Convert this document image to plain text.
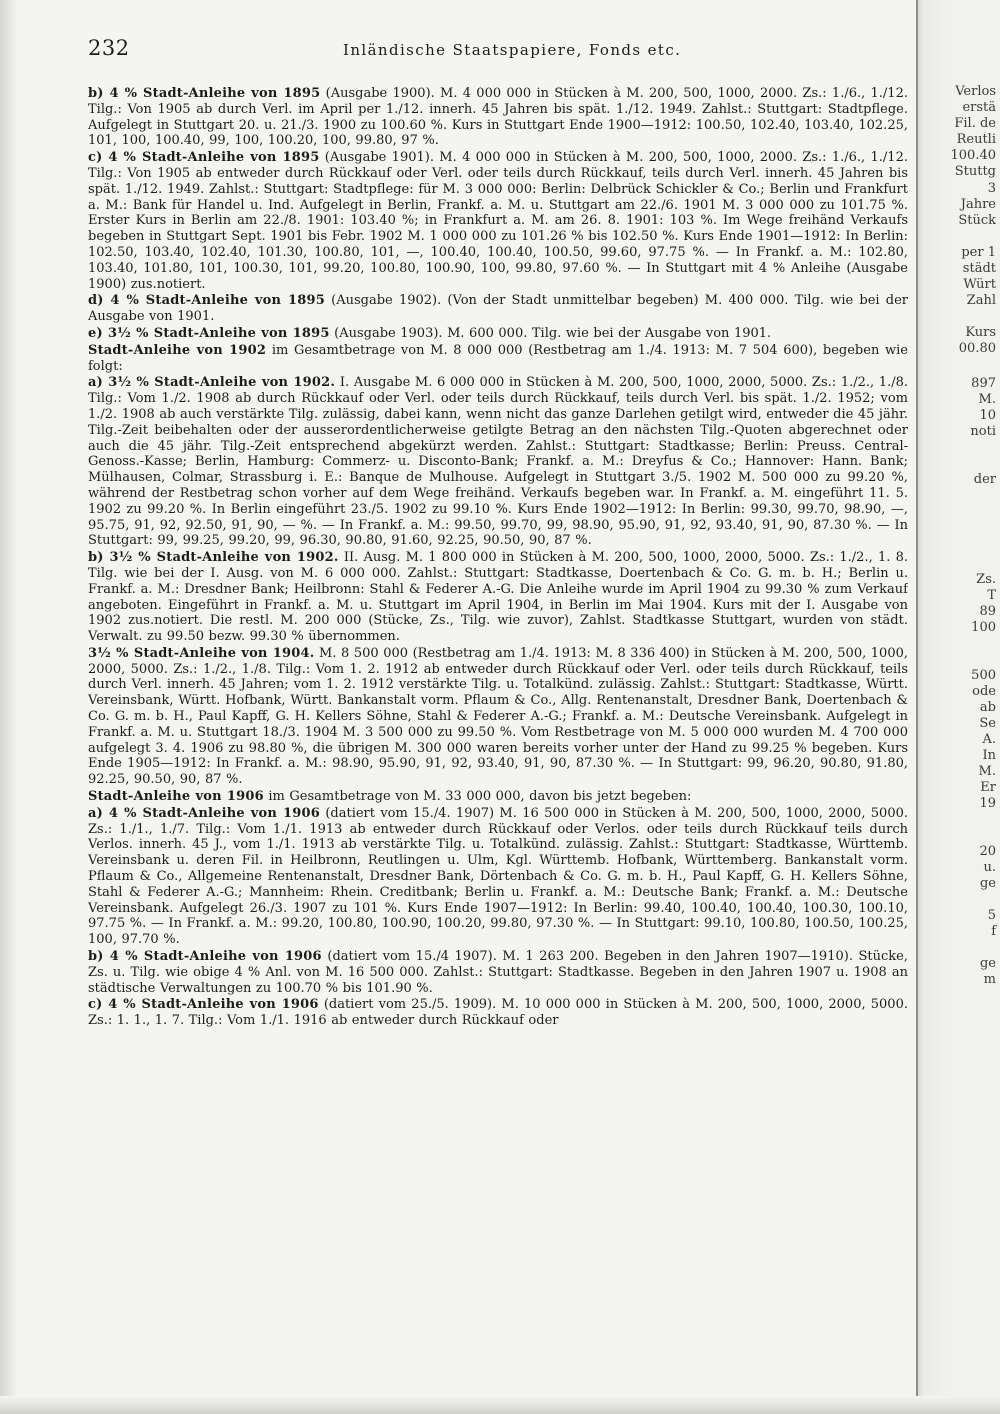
232	Inländische Staatspapiere, Fonds etc.

b) 4 % Stadt-Anleihe von 1895 (Ausgabe 1900). M. 4 000 000 in Stücken à M. 200, 500, 1000, 2000. Zs.: 1./6., 1./12. Tilg.: Von 1905 ab durch Verl. im April per 1./12. innerh. 45 Jahren bis spät. 1./12. 1949. Zahlst.: Stuttgart: Stadtpflege. Aufgelegt in Stuttgart 20. u. 21./3. 1900 zu 100.60 %. Kurs in Stuttgart Ende 1900—1912: 100.50, 102.40, 103.40, 102.25, 101, 100, 100.40, 99, 100, 100.20, 100, 99.80, 97 %.

c) 4 % Stadt-Anleihe von 1895 (Ausgabe 1901). M. 4 000 000 in Stücken à M. 200, 500, 1000, 2000. Zs.: 1./6., 1./12. Tilg.: Von 1905 ab entweder durch Rückkauf oder Verl. oder teils durch Rückkauf, teils durch Verl. innerh. 45 Jahren bis spät. 1./12. 1949. Zahlst.: Stuttgart: Stadtpflege: für M. 3 000 000: Berlin: Delbrück Schickler & Co.; Berlin und Frankfurt a. M.: Bank für Handel u. Ind. Aufgelegt in Berlin, Frankf. a. M. u. Stuttgart am 22./6. 1901 M. 3 000 000 zu 101.75 %. Erster Kurs in Berlin am 22./8. 1901: 103.40 %; in Frankfurt a. M. am 26. 8. 1901: 103 %. Im Wege freihänd Verkaufs begeben in Stuttgart Sept. 1901 bis Febr. 1902 M. 1 000 000 zu 101.26 % bis 102.50 %. Kurs Ende 1901—1912: In Berlin: 102.50, 103.40, 102.40, 101.30, 100.80, 101, —, 100.40, 100.40, 100.50, 99.60, 97.75 %. — In Frankf. a. M.: 102.80, 103.40, 101.80, 101, 100.30, 101, 99.20, 100.80, 100.90, 100, 99.80, 97.60 %. — In Stuttgart mit 4 % Anleihe (Ausgabe 1900) zus.notiert.

d) 4 % Stadt-Anleihe von 1895 (Ausgabe 1902). (Von der Stadt unmittelbar begeben) M. 400 000. Tilg. wie bei der Ausgabe von 1901.

e) 3½ % Stadt-Anleihe von 1895 (Ausgabe 1903). M. 600 000. Tilg. wie bei der Ausgabe von 1901.

Stadt-Anleihe von 1902 im Gesamtbetrage von M. 8 000 000 (Restbetrag am 1./4. 1913: M. 7 504 600), begeben wie folgt:

a) 3½ % Stadt-Anleihe von 1902. I. Ausgabe M. 6 000 000 in Stücken à M. 200, 500, 1000, 2000, 5000. Zs.: 1./2., 1./8. Tilg.: Vom 1./2. 1908 ab durch Rückkauf oder Verl. oder teils durch Rückkauf, teils durch Verl. bis spät. 1./2. 1952; vom 1./2. 1908 ab auch verstärkte Tilg. zulässig, dabei kann, wenn nicht das ganze Darlehen getilgt wird, entweder die 45 jähr. Tilg.-Zeit beibehalten oder der ausserordentlicherweise getilgte Betrag an den nächsten Tilg.-Quoten abgerechnet oder auch die 45 jähr. Tilg.-Zeit entsprechend abgekürzt werden. Zahlst.: Stuttgart: Stadtkasse; Berlin: Preuss. Central-Genoss.-Kasse; Berlin, Hamburg: Commerz- u. Disconto-Bank; Frankf. a. M.: Dreyfus & Co.; Hannover: Hann. Bank; Mülhausen, Colmar, Strassburg i. E.: Banque de Mulhouse. Aufgelegt in Stuttgart 3./5. 1902 M. 500 000 zu 99.20 %, während der Restbetrag schon vorher auf dem Wege freihänd. Verkaufs begeben war. In Frankf. a. M. eingeführt 11. 5. 1902 zu 99.20 %. In Berlin eingeführt 23./5. 1902 zu 99.10 %. Kurs Ende 1902—1912: In Berlin: 99.30, 99.70, 98.90, —, 95.75, 91, 92, 92.50, 91, 90, — %. — In Frankf. a. M.: 99.50, 99.70, 99, 98.90, 95.90, 91, 92, 93.40, 91, 90, 87.30 %. — In Stuttgart: 99, 99.25, 99.20, 99, 96.30, 90.80, 91.60, 92.25, 90.50, 90, 87 %.

b) 3½ % Stadt-Anleihe von 1902. II. Ausg. M. 1 800 000 in Stücken à M. 200, 500, 1000, 2000, 5000. Zs.: 1./2., 1. 8. Tilg. wie bei der I. Ausg. von M. 6 000 000. Zahlst.: Stuttgart: Stadtkasse, Doertenbach & Co. G. m. b. H.; Berlin u. Frankf. a. M.: Dresdner Bank; Heilbronn: Stahl & Federer A.-G. Die Anleihe wurde im April 1904 zu 99.30 % zum Verkauf angeboten. Eingeführt in Frankf. a. M. u. Stuttgart im April 1904, in Berlin im Mai 1904. Kurs mit der I. Ausgabe von 1902 zus.notiert. Die restl. M. 200 000 (Stücke, Zs., Tilg. wie zuvor), Zahlst. Stadtkasse Stuttgart, wurden von städt. Verwalt. zu 99.50 bezw. 99.30 % übernommen.

3½ % Stadt-Anleihe von 1904. M. 8 500 000 (Restbetrag am 1./4. 1913: M. 8 336 400) in Stücken à M. 200, 500, 1000, 2000, 5000. Zs.: 1./2., 1./8. Tilg.: Vom 1. 2. 1912 ab entweder durch Rückkauf oder Verl. oder teils durch Rückkauf, teils durch Verl. innerh. 45 Jahren; vom 1. 2. 1912 verstärkte Tilg. u. Totalkünd. zulässig. Zahlst.: Stuttgart: Stadtkasse, Württ. Vereinsbank, Württ. Hofbank, Württ. Bankanstalt vorm. Pflaum & Co., Allg. Rentenanstalt, Dresdner Bank, Doertenbach & Co. G. m. b. H., Paul Kapff, G. H. Kellers Söhne, Stahl & Federer A.-G.; Frankf. a. M.: Deutsche Vereinsbank. Aufgelegt in Frankf. a. M. u. Stuttgart 18./3. 1904 M. 3 500 000 zu 99.50 %. Vom Restbetrage von M. 5 000 000 wurden M. 4 700 000 aufgelegt 3. 4. 1906 zu 98.80 %, die übrigen M. 300 000 waren bereits vorher unter der Hand zu 99.25 % begeben. Kurs Ende 1905—1912: In Frankf. a. M.: 98.90, 95.90, 91, 92, 93.40, 91, 90, 87.30 %. — In Stuttgart: 99, 96.20, 90.80, 91.80, 92.25, 90.50, 90, 87 %.

Stadt-Anleihe von 1906 im Gesamtbetrage von M. 33 000 000, davon bis jetzt begeben:

a) 4 % Stadt-Anleihe von 1906 (datiert vom 15./4. 1907) M. 16 500 000 in Stücken à M. 200, 500, 1000, 2000, 5000. Zs.: 1./1., 1./7. Tilg.: Vom 1./1. 1913 ab entweder durch Rückkauf oder Verlos. oder teils durch Rückkauf teils durch Verlos. innerh. 45 J., vom 1./1. 1913 ab verstärkte Tilg. u. Totalkünd. zulässig. Zahlst.: Stuttgart: Stadtkasse, Württemb. Vereinsbank u. deren Fil. in Heilbronn, Reutlingen u. Ulm, Kgl. Württemb. Hofbank, Württemberg. Bankanstalt vorm. Pflaum & Co., Allgemeine Rentenanstalt, Dresdner Bank, Dörtenbach & Co. G. m. b. H., Paul Kapff, G. H. Kellers Söhne, Stahl & Federer A.-G.; Mannheim: Rhein. Creditbank; Berlin u. Frankf. a. M.: Deutsche Bank; Frankf. a. M.: Deutsche Vereinsbank. Aufgelegt 26./3. 1907 zu 101 %. Kurs Ende 1907—1912: In Berlin: 99.40, 100.40, 100.40, 100.30, 100.10, 97.75 %. — In Frankf. a. M.: 99.20, 100.80, 100.90, 100.20, 99.80, 97.30 %. — In Stuttgart: 99.10, 100.80, 100.50, 100.25, 100, 97.70 %.

b) 4 % Stadt-Anleihe von 1906 (datiert vom 15./4 1907). M. 1 263 200. Begeben in den Jahren 1907—1910). Stücke, Zs. u. Tilg. wie obige 4 % Anl. von M. 16 500 000. Zahlst.: Stuttgart: Stadtkasse. Begeben in den Jahren 1907 u. 1908 an städtische Verwaltungen zu 100.70 % bis 101.90 %.

c) 4 % Stadt-Anleihe von 1906 (datiert vom 25./5. 1909). M. 10 000 000 in Stücken à M. 200, 500, 1000, 2000, 5000. Zs.: 1. 1., 1. 7. Tilg.: Vom 1./1. 1916 ab entweder durch Rückkauf oder

Verlos
erstä
Fil. de
Reutli
100.40
Stuttg
3
Jahre
Stück
per 1
städt
Würt
Zahl
Kurs
00.80
897
M.
10
noti
der
Zs.
T
89
100
500
ode
ab
Se
A.
In
M.
Er
19
20
u.
ge
5
f
ge
m
